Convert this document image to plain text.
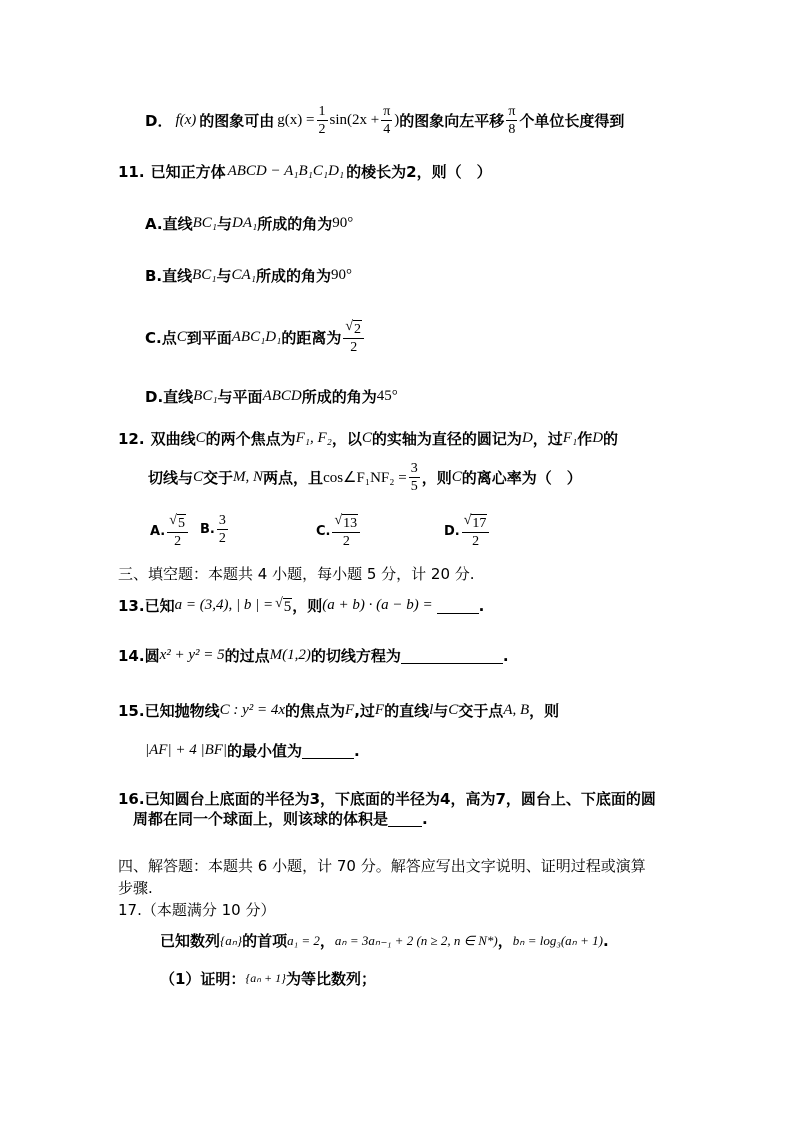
D． f(x) 的图象可由 $g(x) = \frac{1}{2} \sin(2x + \frac{\pi}{4}$ ) 的图象向左平移 $\frac{\pi}{8}$ 个单位长度得到
11. 已知正方体 ABCD − A₁B₁C₁D₁ 的棱长为2，则（　）
A.直线 BC₁ 与 DA₁ 所成的角为 90°
B.直线 BC₁ 与 CA₁ 所成的角为 90°
C.点 C 到平面 ABC₁D₁ 的距离为 $\frac{√ 2}{2}$
D.直线 BC₁ 与平面 ABCD 所成的角为 45°
12. 双曲线 C 的两个焦点为 F₁, F₂ ，以 C 的实轴为直径的圆记为 D ，过 F₁ 作 D 的
切线与 C 交于 M, N 两点，且 cos∠F₁NF₂ = $\frac{3}{5}$ ，则 C 的离心率为（　）
A. $\frac{√ 5}{2} B$. $\frac{3}{2}$	C. $\frac{√ 13}{2}$	D. $\frac{√ 17}{2}$
三、填空题：本题共 4 小题，每小题 5 分，计 20 分.
13.已知 a = (3,4), | b | = √ 5 ，则 (a + b) · (a − b) =	.
14.圆 x² + y² = 5 的过点 M(1,2) 的切线方程为	.
15.已知抛物线 C : y² = 4x 的焦点为 F ,过 F 的直线 l 与 C 交于点 A, B ，则
|AF| + 4 |BF| 的最小值为	.
16.已知圆台上底面的半径为3，下底面的半径为4，高为7，圆台上、下底面的圆
周都在同一个球面上，则该球的体积是 .
四、解答题：本题共 6 小题，计 70 分。解答应写出文字说明、证明过程或演算
步骤.
17.（本题满分 10 分）
已知数列 {aₙ} 的首项 a₁ = 2 ， aₙ = 3aₙ₋₁ + 2 (n ≥ 2, n ∈ N*) ， bₙ = log₃(aₙ + 1) .
（1）证明： {aₙ + 1} 为等比数列；
